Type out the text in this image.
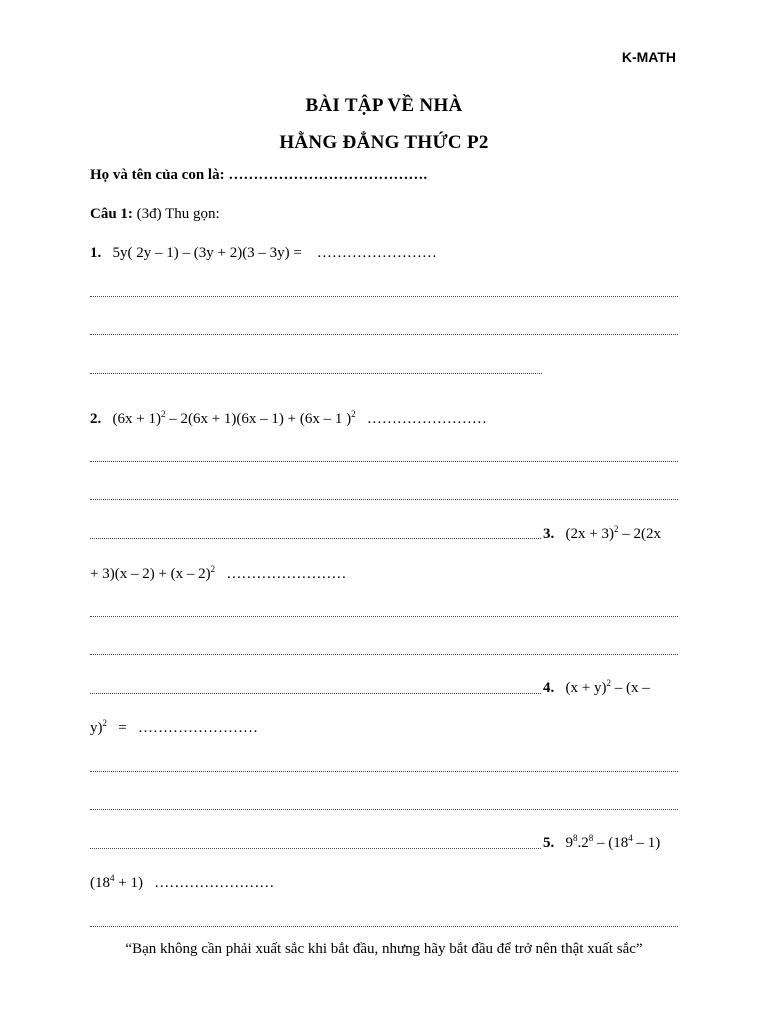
K-MATH
BÀI TẬP VỀ NHÀ
HẰNG ĐẲNG THỨC P2
Họ và tên của con là: ………………………………….
Câu 1: (3đ) Thu gọn:
1. 5y( 2y – 1) – (3y + 2)(3 – 3y) = ……………………
2. $(6x + 1)^2 - 2(6x + 1)(6x - 1) + (6x - 1$ )$^2$ ……………………
3. $(2x + 3)^2 - 2(2x$
+ 3)(x – 2) + (x – 2)$^2$ ……………………
4. $(x + y)^2 - (x$ –
y)$^2$ = ……………………
5. $9^8.2^8 - (18^4 - 1)$
$(18^4 + 1)$ ……………………
“Bạn không cần phải xuất sắc khi bắt đầu, nhưng hãy bắt đầu để trở nên thật xuất sắc”
